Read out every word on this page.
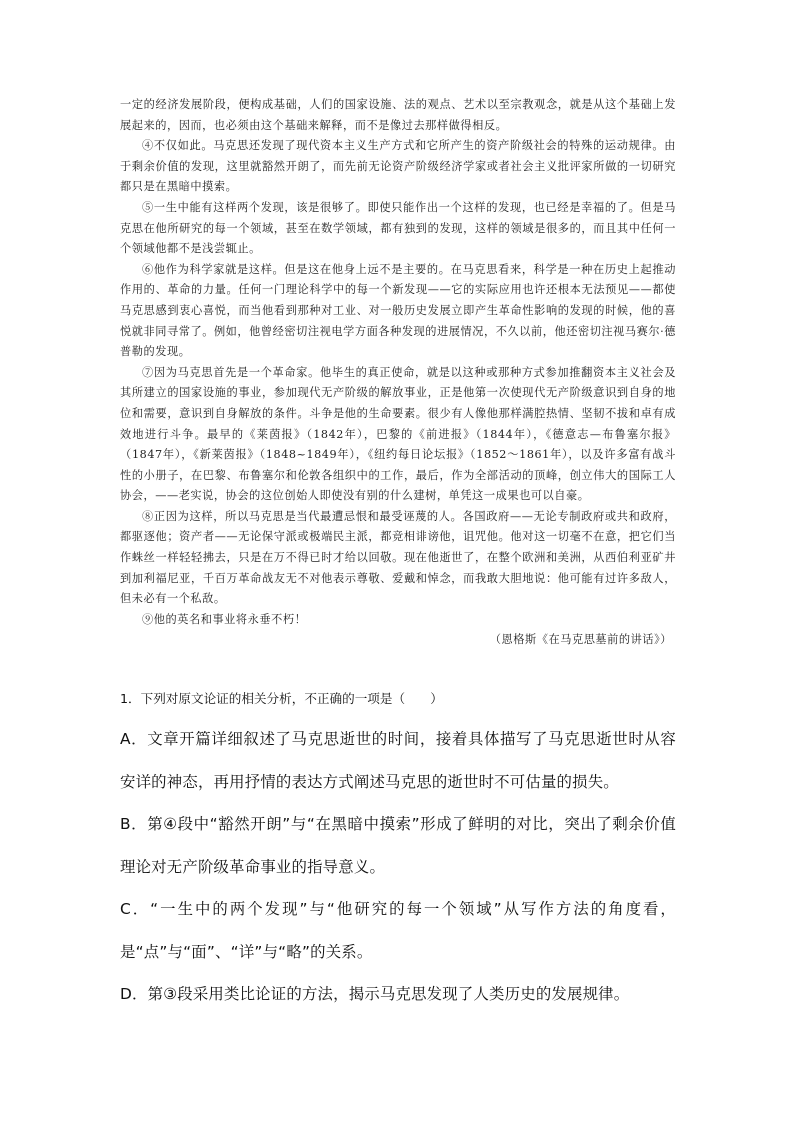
一定的经济发展阶段，便构成基础，人们的国家设施、法的观点、艺术以至宗教观念，就是从这个基础上发展起来的，因而，也必须由这个基础来解释，而不是像过去那样做得相反。

④不仅如此。马克思还发现了现代资本主义生产方式和它所产生的资产阶级社会的特殊的运动规律。由于剩余价值的发现，这里就豁然开朗了，而先前无论资产阶级经济学家或者社会主义批评家所做的一切研究都只是在黑暗中摸索。

⑤一生中能有这样两个发现，该是很够了。即使只能作出一个这样的发现，也已经是幸福的了。但是马克思在他所研究的每一个领域，甚至在数学领域，都有独到的发现，这样的领域是很多的，而且其中任何一个领域他都不是浅尝辄止。

⑥他作为科学家就是这样。但是这在他身上远不是主要的。在马克思看来，科学是一种在历史上起推动作用的、革命的力量。任何一门理论科学中的每一个新发现——它的实际应用也许还根本无法预见——都使马克思感到衷心喜悦，而当他看到那种对工业、对一般历史发展立即产生革命性影响的发现的时候，他的喜悦就非同寻常了。例如，他曾经密切注视电学方面各种发现的进展情况，不久以前，他还密切注视马赛尔·德普勒的发现。

⑦因为马克思首先是一个革命家。他毕生的真正使命，就是以这种或那种方式参加推翻资本主义社会及其所建立的国家设施的事业，参加现代无产阶级的解放事业，正是他第一次使现代无产阶级意识到自身的地位和需要，意识到自身解放的条件。斗争是他的生命要素。很少有人像他那样满腔热情、坚韧不拔和卓有成效地进行斗争。最早的《莱茵报》（1842年），巴黎的《前进报》（1844年），《德意志—布鲁塞尔报》（1847年），《新莱茵报》（1848~1849年），《纽约每日论坛报》（1852～1861年），以及许多富有战斗性的小册子，在巴黎、布鲁塞尔和伦敦各组织中的工作，最后，作为全部活动的顶峰，创立伟大的国际工人协会，——老实说，协会的这位创始人即使没有别的什么建树，单凭这一成果也可以自豪。

⑧正因为这样，所以马克思是当代最遭忌恨和最受诬蔑的人。各国政府——无论专制政府或共和政府，都驱逐他；资产者——无论保守派或极端民主派，都竞相诽谤他，诅咒他。他对这一切毫不在意，把它们当作蛛丝一样轻轻拂去，只是在万不得已时才给以回敬。现在他逝世了，在整个欧洲和美洲，从西伯利亚矿井到加利福尼亚，千百万革命战友无不对他表示尊敬、爱戴和悼念，而我敢大胆地说：他可能有过许多敌人，但未必有一个私敌。

⑨他的英名和事业将永垂不朽！

（恩格斯《在马克思墓前的讲话》）

1．下列对原文论证的相关分析，不正确的一项是（　　）

A．文章开篇详细叙述了马克思逝世的时间，接着具体描写了马克思逝世时从容安详的神态，再用抒情的表达方式阐述马克思的逝世时不可估量的损失。

B．第④段中“豁然开朗”与“在黑暗中摸索”形成了鲜明的对比，突出了剩余价值理论对无产阶级革命事业的指导意义。

C．“一生中的两个发现”与“他研究的每一个领域”从写作方法的角度看，是“点”与“面”、“详”与“略”的关系。

D．第③段采用类比论证的方法，揭示马克思发现了人类历史的发展规律。
